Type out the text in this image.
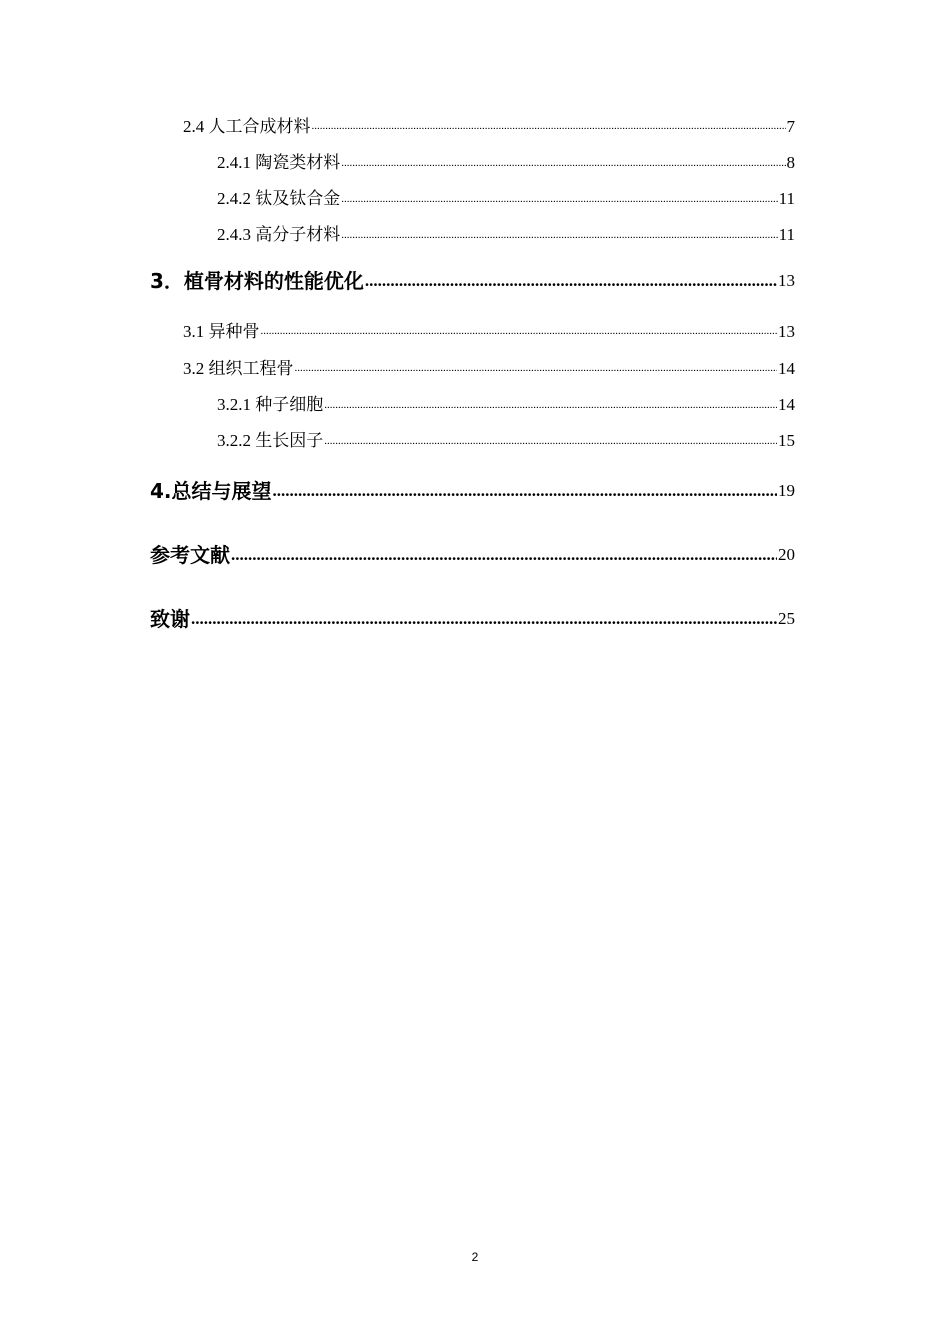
2.4 人工合成材料 .....	7
2.4.1 陶瓷类材料 .....	8
2.4.2 钛及钛合金 .....	11
2.4.3 高分子材料 .....	11
3．植骨材料的性能优化 .....	13
3.1 异种骨 .....	13
3.2 组织工程骨 .....	14
3.2.1 种子细胞 .....	14
3.2.2 生长因子 .....	15
4.总结与展望 .....	19
参考文献 .....	20
致谢 .....	25
2
